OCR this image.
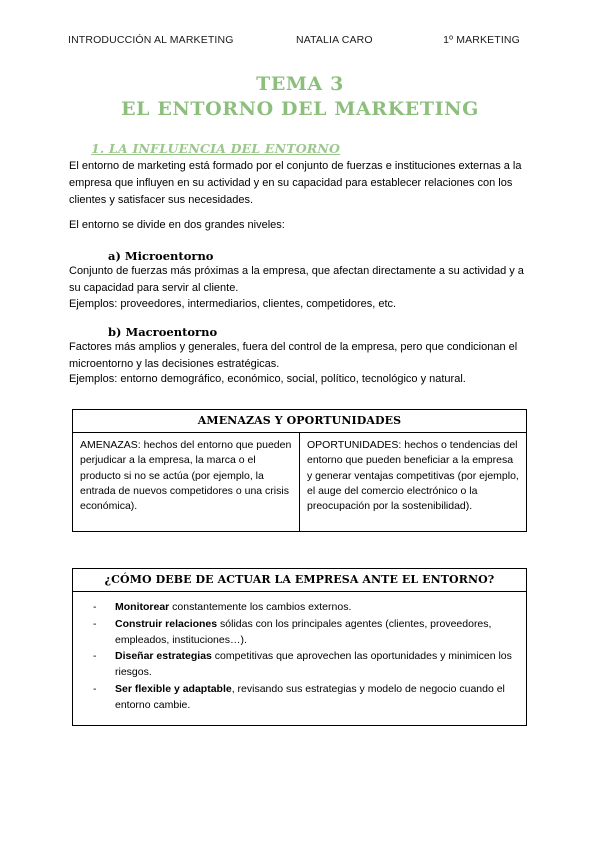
INTRODUCCIÓN AL MARKETING	NATALIA CARO	1º MARKETING
TEMA 3
EL ENTORNO DEL MARKETING
1. LA INFLUENCIA DEL ENTORNO
El entorno de marketing está formado por el conjunto de fuerzas e instituciones externas a la empresa que influyen en su actividad y en su capacidad para establecer relaciones con los clientes y satisfacer sus necesidades.
El entorno se divide en dos grandes niveles:
a) Microentorno
Conjunto de fuerzas más próximas a la empresa, que afectan directamente a su actividad y a su capacidad para servir al cliente.
Ejemplos: proveedores, intermediarios, clientes, competidores, etc.
b) Macroentorno
Factores más amplios y generales, fuera del control de la empresa, pero que condicionan el microentorno y las decisiones estratégicas.
Ejemplos: entorno demográfico, económico, social, político, tecnológico y natural.
AMENAZAS Y OPORTUNIDADES
AMENAZAS: hechos del entorno que pueden perjudicar a la empresa, la marca o el producto si no se actúa (por ejemplo, la entrada de nuevos competidores o una crisis económica).	OPORTUNIDADES: hechos o tendencias del entorno que pueden beneficiar a la empresa y generar ventajas competitivas (por ejemplo, el auge del comercio electrónico o la preocupación por la sostenibilidad).
¿CÓMO DEBE DE ACTUAR LA EMPRESA ANTE EL ENTORNO?

- Monitorear constantemente los cambios externos.
- Construir relaciones sólidas con los principales agentes (clientes, proveedores, empleados, instituciones…).
- Diseñar estrategias competitivas que aprovechen las oportunidades y minimicen los riesgos.
- Ser flexible y adaptable, revisando sus estrategias y modelo de negocio cuando el entorno cambie.
